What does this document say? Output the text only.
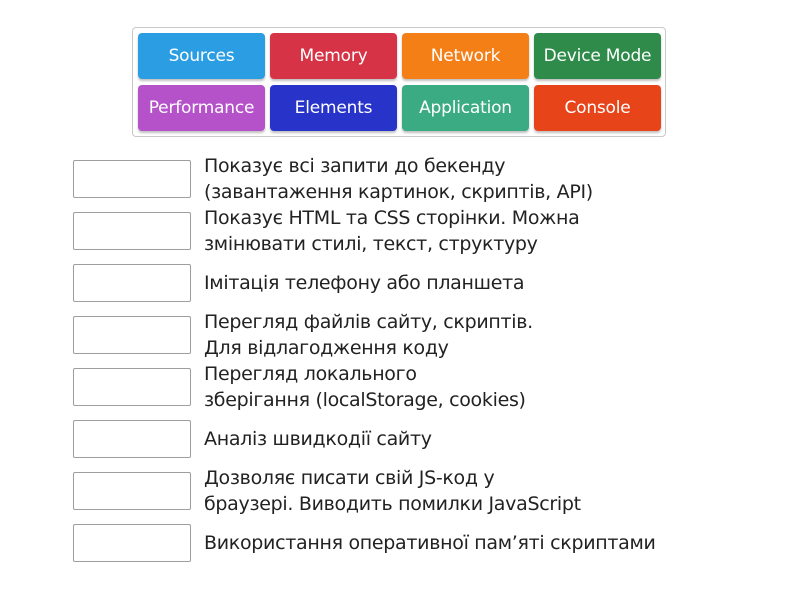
Sources	Memory	Network	Device Mode
Performance	Elements	Application	Console
Показує всі запити до бекенду
(завантаження картинок, скриптів, API)
Показує HTML та CSS сторінки. Можна
змінювати стилі, текст, структуру
Імітація телефону або планшета
Перегляд файлів сайту, скриптів.
Для відлагодження коду
Перегляд локального
зберігання (localStorage, cookies)
Аналіз швидкодії сайту
Дозволяє писати свій JS-код у
браузері. Виводить помилки JavaScript
Використання оперативної пам’яті скриптами
